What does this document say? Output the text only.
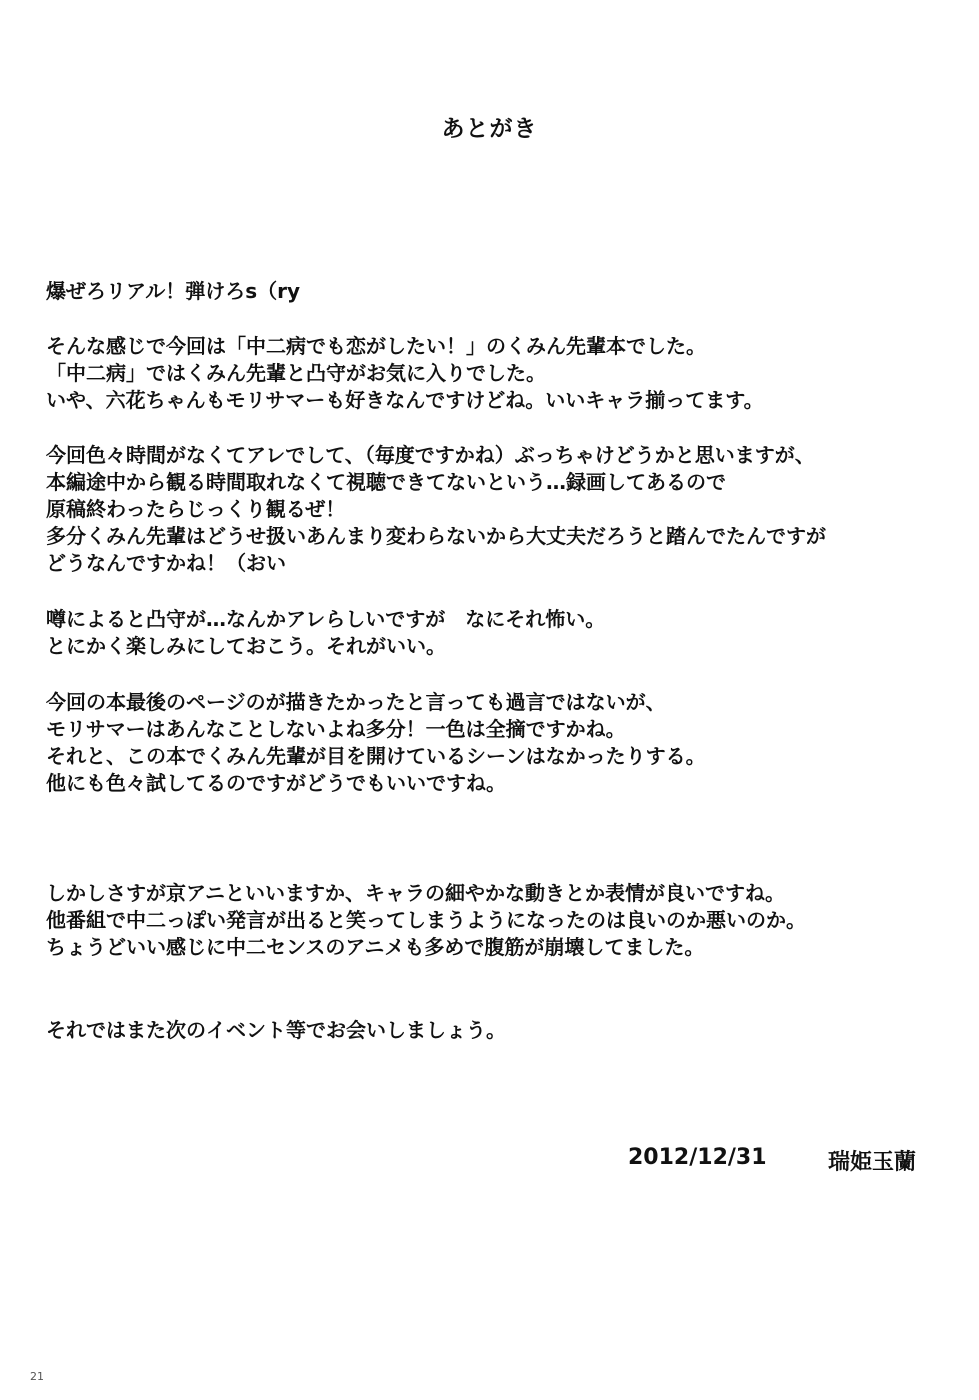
あとがき
爆ぜろリアル！弾けろs（ry
そんな感じで今回は「中二病でも恋がしたい！」のくみん先輩本でした。
「中二病」ではくみん先輩と凸守がお気に入りでした。
いや、六花ちゃんもモリサマーも好きなんですけどね。いいキャラ揃ってます。
今回色々時間がなくてアレでして、（毎度ですかね）ぶっちゃけどうかと思いますが、
本編途中から観る時間取れなくて視聴できてないという…録画してあるので
原稿終わったらじっくり観るぜ！
多分くみん先輩はどうせ扱いあんまり変わらないから大丈夫だろうと踏んでたんですが
どうなんですかね！（おい
噂によると凸守が…なんかアレらしいですが　なにそれ怖い。
とにかく楽しみにしておこう。それがいい。
今回の本最後のページのが描きたかったと言っても過言ではないが、
モリサマーはあんなことしないよね多分！一色は全摘ですかね。
それと、この本でくみん先輩が目を開けているシーンはなかったりする。
他にも色々試してるのですがどうでもいいですね。
しかしさすが京アニといいますか、キャラの細やかな動きとか表情が良いですね。
他番組で中二っぽい発言が出ると笑ってしまうようになったのは良いのか悪いのか。
ちょうどいい感じに中二センスのアニメも多めで腹筋が崩壊してました。
それではまた次のイベント等でお会いしましょう。
2012/12/31	瑞姫玉蘭
21
